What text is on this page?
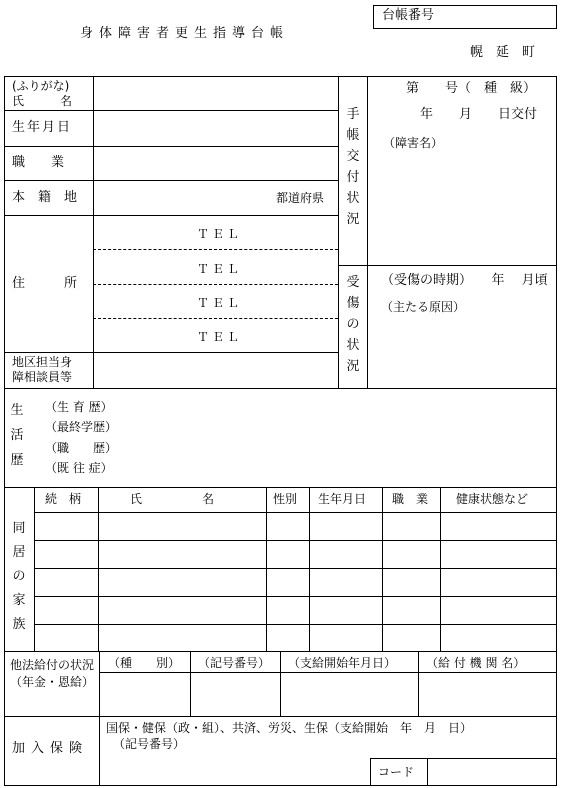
台帳番号
身体障害者更生指導台帳
幌　延　町
(ふりがな)
氏　　　名
生年月日
職　　業
本　籍　地	都道府県
住　　　所
ＴＥＬ
ＴＥＬ
ＴＥＬ
ＴＥＬ
地区担当身
障相談員等
手帳交付状況
第　　号（　種　級）
年　　月　　日交付
（障害名）
受傷の状況
（受傷の時期）　　年　 月頃
（主たる原因）
生活歴
（生 育 歴）
（最終学歴）
（職　　歴）
（既 往 症）
同居の家族
続　柄	氏　　　　　名	性別 生年月日 職　業 健康状態など
他法給付の状況（年金・恩給）
（種　　別） （記号番号） （支給開始年月日） （給 付 機 関 名）
加入保険
国保・健保（政・組）、共済、労災、生保（支給開始　年　月　日）
（記号番号）
コード
